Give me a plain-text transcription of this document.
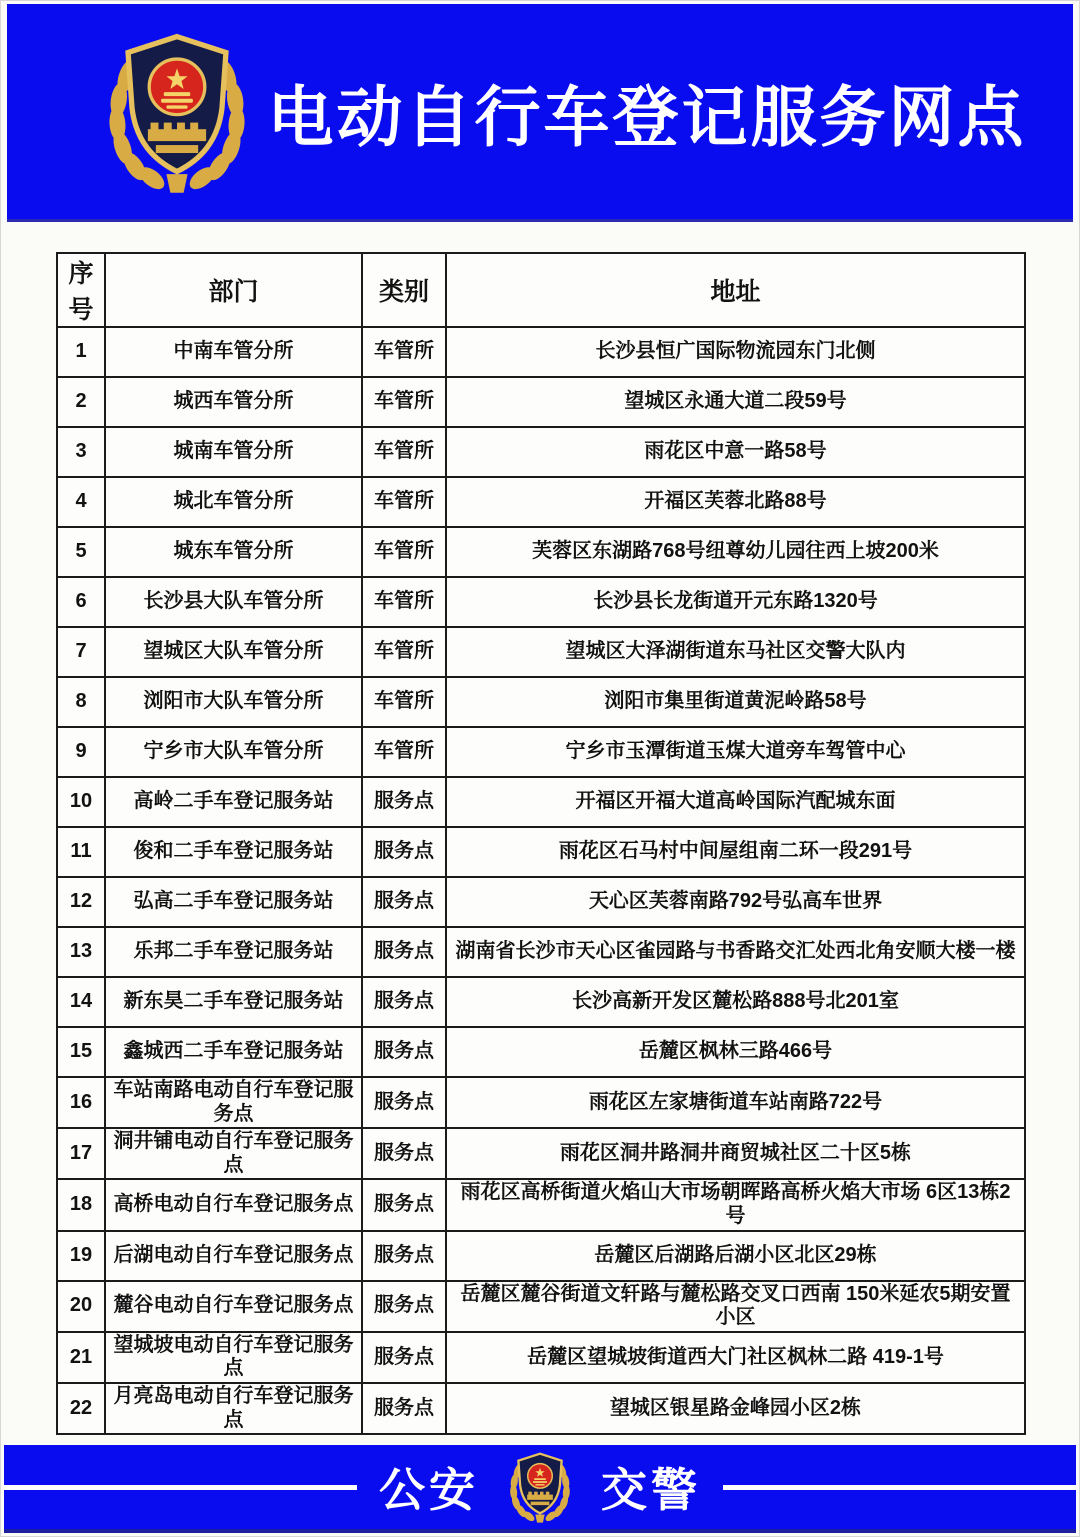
电动自行车登记服务网点
序号	部门	类别	地址
1	中南车管分所	车管所	长沙县恒广国际物流园东门北侧
2	城西车管分所	车管所	望城区永通大道二段59号
3	城南车管分所	车管所	雨花区中意一路58号
4	城北车管分所	车管所	开福区芙蓉北路88号
5	城东车管分所	车管所	芙蓉区东湖路768号纽尊幼儿园往西上坡200米
6	长沙县大队车管分所	车管所	长沙县长龙街道开元东路1320号
7	望城区大队车管分所	车管所	望城区大泽湖街道东马社区交警大队内
8	浏阳市大队车管分所	车管所	浏阳市集里街道黄泥岭路58号
9	宁乡市大队车管分所	车管所	宁乡市玉潭街道玉煤大道旁车驾管中心
10	高岭二手车登记服务站	服务点	开福区开福大道高岭国际汽配城东面
11	俊和二手车登记服务站	服务点	雨花区石马村中间屋组南二环一段291号
12	弘高二手车登记服务站	服务点	天心区芙蓉南路792号弘高车世界
13	乐邦二手车登记服务站	服务点	湖南省长沙市天心区雀园路与书香路交汇处西北角安顺大楼一楼
14	新东昊二手车登记服务站	服务点	长沙高新开发区麓松路888号北201室
15	鑫城西二手车登记服务站	服务点	岳麓区枫林三路466号
16	车站南路电动自行车登记服务点	服务点	雨花区左家塘街道车站南路722号
17	洞井铺电动自行车登记服务点	服务点	雨花区洞井路洞井商贸城社区二十区5栋
18	高桥电动自行车登记服务点	服务点	雨花区高桥街道火焰山大市场朝晖路高桥火焰大市场 6区13栋2号
19	后湖电动自行车登记服务点	服务点	岳麓区后湖路后湖小区北区29栋
20	麓谷电动自行车登记服务点	服务点	岳麓区麓谷街道文轩路与麓松路交叉口西南 150米延农5期安置小区
21	望城坡电动自行车登记服务点	服务点	岳麓区望城坡街道西大门社区枫林二路 419-1号
22	月亮岛电动自行车登记服务点	服务点	望城区银星路金峰园小区2栋
公安	交警
